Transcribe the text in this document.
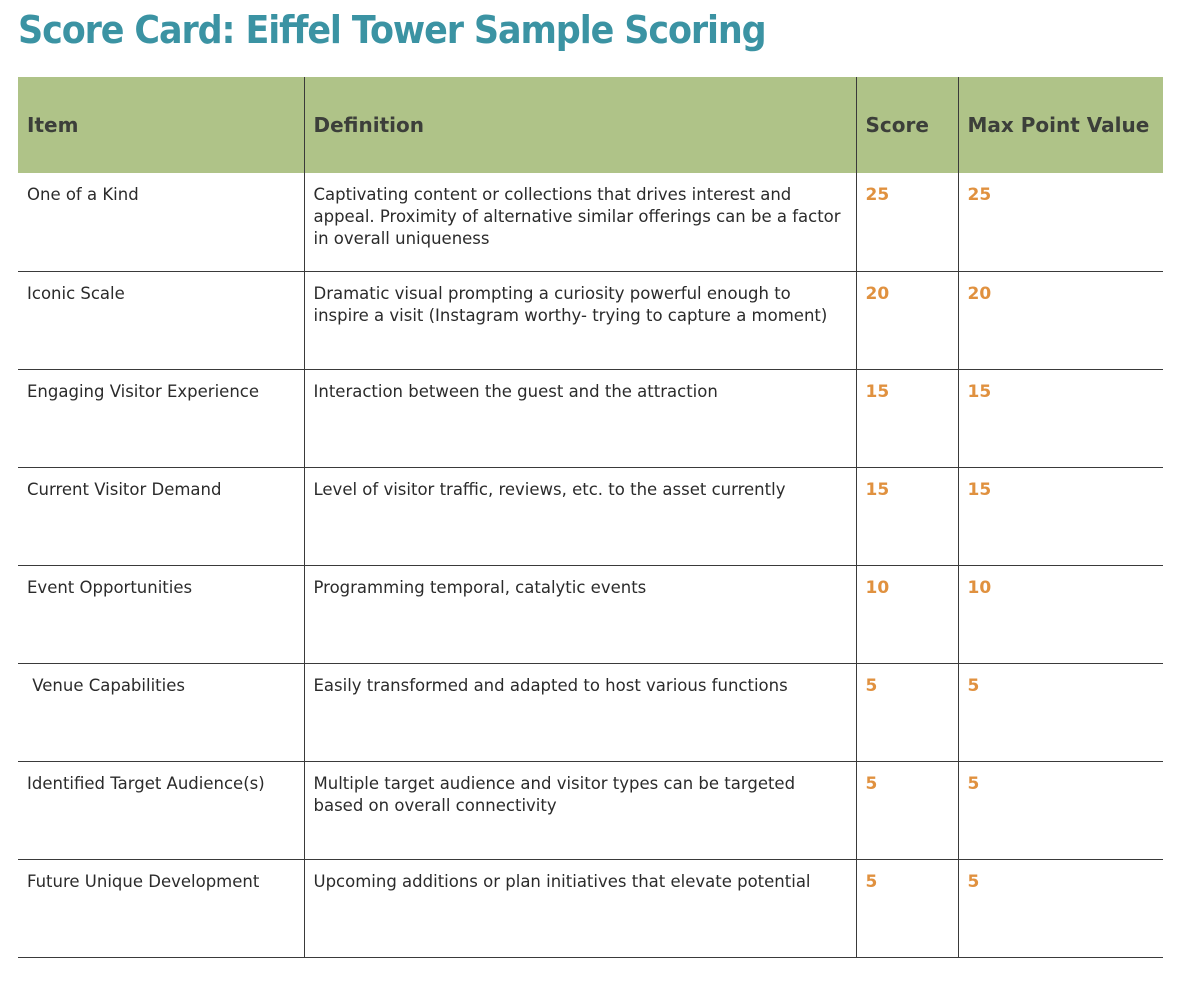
Score Card: Eiffel Tower Sample Scoring
Item	Definition	Score	Max Point Value
One of a Kind	Captivating content or collections that drives interest and appeal. Proximity of alternative similar offerings can be a factor in overall uniqueness	25	25
Iconic Scale	Dramatic visual prompting a curiosity powerful enough to inspire a visit (Instagram worthy- trying to capture a moment)	20	20
Engaging Visitor Experience	Interaction between the guest and the attraction	15	15
Current Visitor Demand	Level of visitor traffic, reviews, etc. to the asset currently	15	15
Event Opportunities	Programming temporal, catalytic events	10	10
Venue Capabilities	Easily transformed and adapted to host various functions	5	5
Identified Target Audience(s)	Multiple target audience and visitor types can be targeted based on overall connectivity	5	5
Future Unique Development	Upcoming additions or plan initiatives that elevate potential	5	5
